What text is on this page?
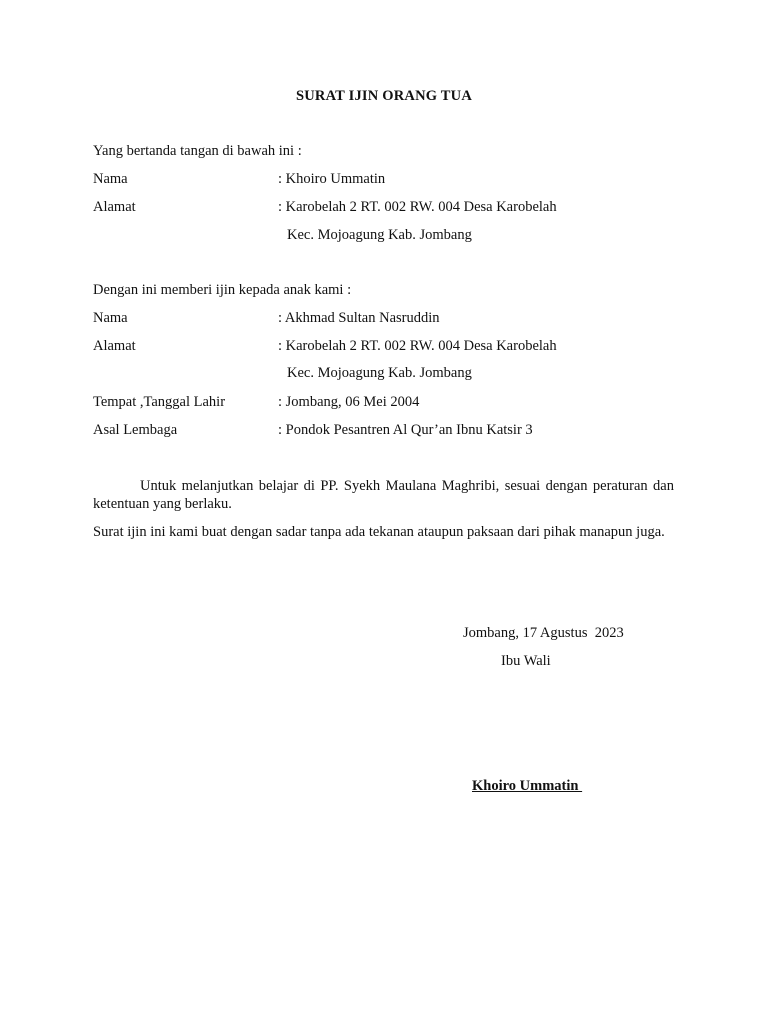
SURAT IJIN ORANG TUA
Yang bertanda tangan di bawah ini :
Nama	: Khoiro Ummatin
Alamat	: Karobelah 2 RT. 002 RW. 004 Desa Karobelah
Kec. Mojoagung Kab. Jombang
Dengan ini memberi ijin kepada anak kami :
Nama	: Akhmad Sultan Nasruddin
Alamat	: Karobelah 2 RT. 002 RW. 004 Desa Karobelah
Kec. Mojoagung Kab. Jombang
Tempat ,Tanggal Lahir	: Jombang, 06 Mei 2004
Asal Lembaga	: Pondok Pesantren Al Qur’an Ibnu Katsir 3
Untuk melanjutkan belajar di PP. Syekh Maulana Maghribi, sesuai dengan peraturan dan ketentuan yang berlaku.
Surat ijin ini kami buat dengan sadar tanpa ada tekanan ataupun paksaan dari pihak manapun juga.
Jombang, 17 Agustus  2023
Ibu Wali
Khoiro Ummatin
